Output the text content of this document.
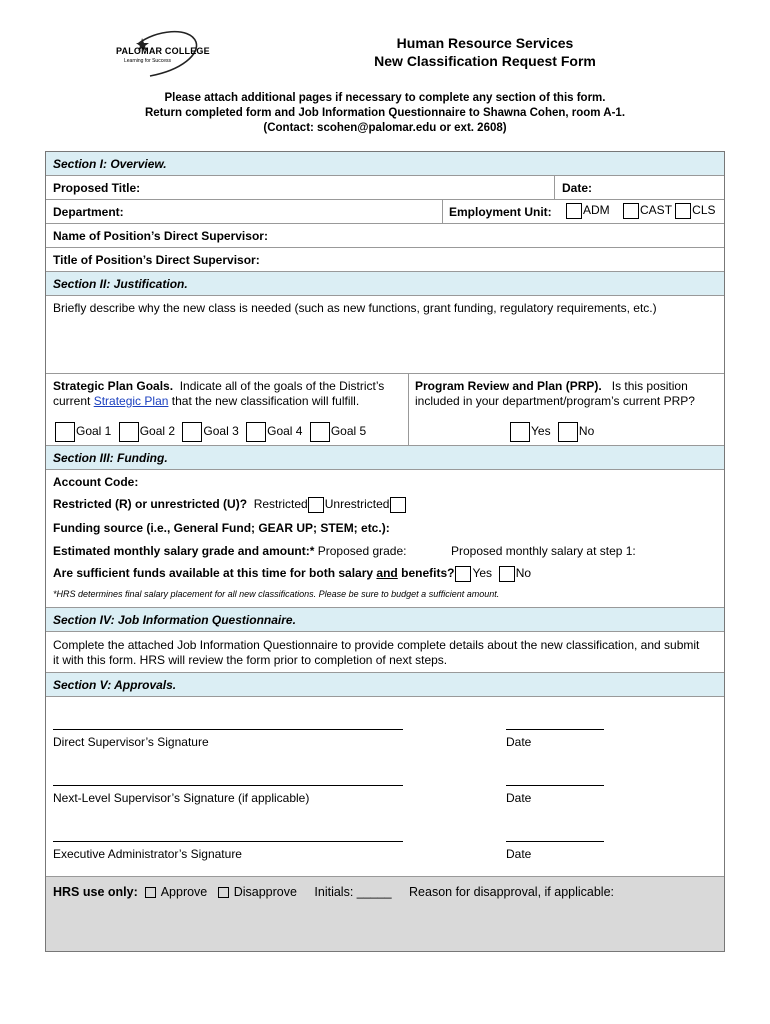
PALOMAR COLLEGE
Learning for Success
Human Resource Services
New Classification Request Form
Please attach additional pages if necessary to complete any section of this form.
Return completed form and Job Information Questionnaire to Shawna Cohen, room A-1.
(Contact: scohen@palomar.edu or ext. 2608)
Section I: Overview.
Proposed Title:	Date:
Department:	Employment Unit:	ADM	CAST CLS
Name of Position’s Direct Supervisor:
Title of Position’s Direct Supervisor:
Section II: Justification.
Briefly describe why the new class is needed (such as new functions, grant funding, regulatory requirements, etc.)
Strategic Plan Goals. Indicate all of the goals of the District’s
current Strategic Plan that the new classification will fulfill.
Goal 1 Goal 2 Goal 3 Goal 4 Goal 5
Program Review and Plan (PRP). Is this position
included in your department/program’s current PRP?
Yes No
Section III: Funding.
Account Code:
Restricted (R) or unrestricted (U)? Restricted Unrestricted
Funding source (i.e., General Fund; GEAR UP; STEM; etc.):
Estimated monthly salary grade and amount:* Proposed grade:	Proposed monthly salary at step 1:
Are sufficient funds available at this time for both salary and benefits? Yes No
*HRS determines final salary placement for all new classifications. Please be sure to budget a sufficient amount.
Section IV: Job Information Questionnaire.
Complete the attached Job Information Questionnaire to provide complete details about the new classification, and submit
it with this form. HRS will review the form prior to completion of next steps.
Section V: Approvals.
Direct Supervisor’s Signature	Date
Next-Level Supervisor’s Signature (if applicable)	Date
Executive Administrator’s Signature	Date
HRS use only: Approve Disapprove Initials: _____ Reason for disapproval, if applicable:
